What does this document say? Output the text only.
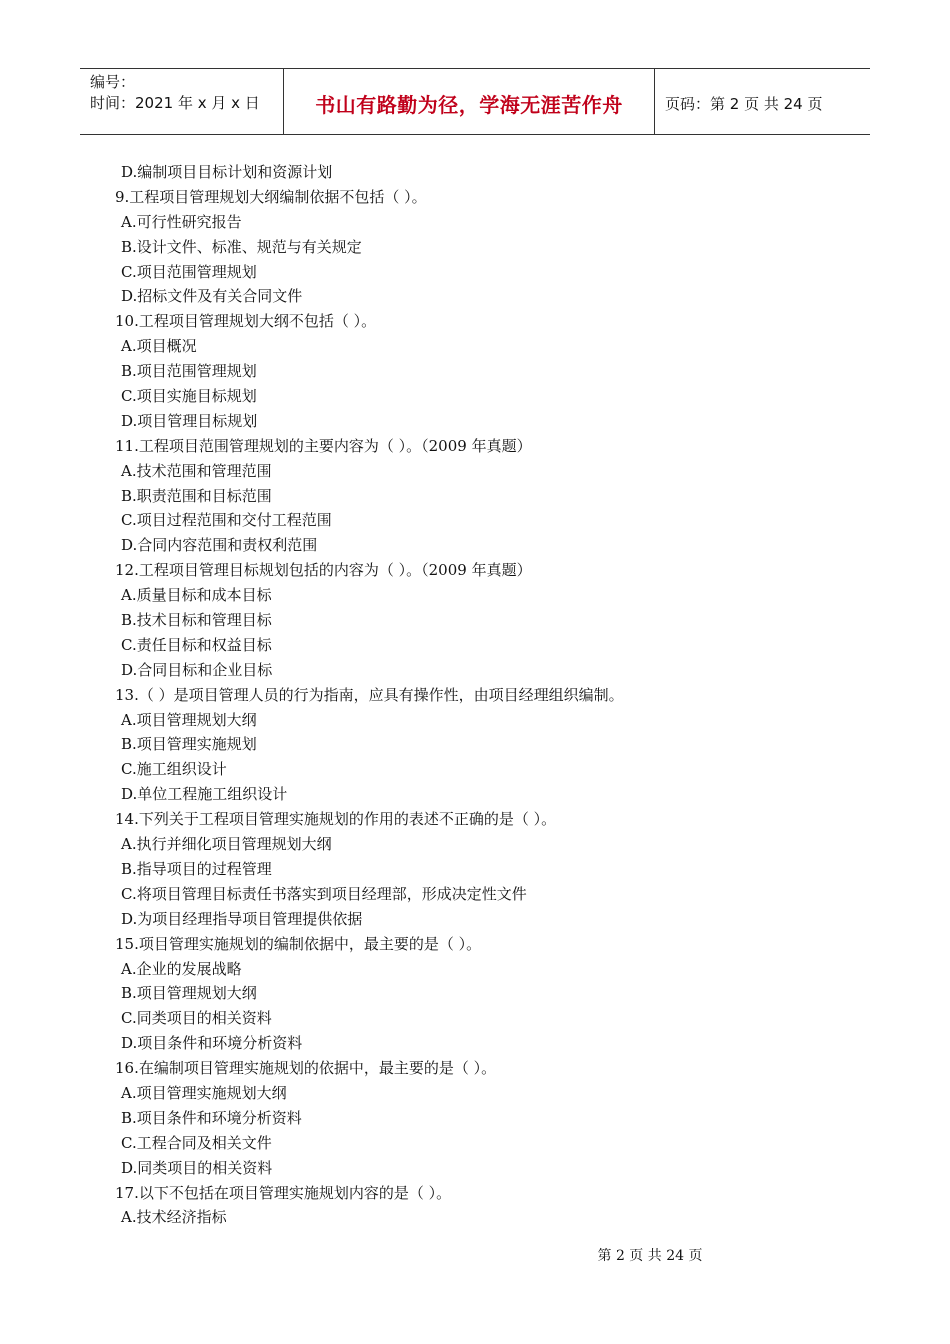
编号：
时间：2021 年 x 月 x 日	书山有路勤为径，学海无涯苦作舟	页码：第 2 页 共 24 页
D.编制项目目标计划和资源计划
9.工程项目管理规划大纲编制依据不包括（ ）。
A.可行性研究报告
B.设计文件、标准、规范与有关规定
C.项目范围管理规划
D.招标文件及有关合同文件
10.工程项目管理规划大纲不包括（ ）。
A.项目概况
B.项目范围管理规划
C.项目实施目标规划
D.项目管理目标规划
11.工程项目范围管理规划的主要内容为（ ）。（2009 年真题）
A.技术范围和管理范围
B.职责范围和目标范围
C.项目过程范围和交付工程范围
D.合同内容范围和责权利范围
12.工程项目管理目标规划包括的内容为（ ）。（2009 年真题）
A.质量目标和成本目标
B.技术目标和管理目标
C.责任目标和权益目标
D.合同目标和企业目标
13.（ ）是项目管理人员的行为指南，应具有操作性，由项目经理组织编制。
A.项目管理规划大纲
B.项目管理实施规划
C.施工组织设计
D.单位工程施工组织设计
14.下列关于工程项目管理实施规划的作用的表述不正确的是（ ）。
A.执行并细化项目管理规划大纲
B.指导项目的过程管理
C.将项目管理目标责任书落实到项目经理部，形成决定性文件
D.为项目经理指导项目管理提供依据
15.项目管理实施规划的编制依据中，最主要的是（ ）。
A.企业的发展战略
B.项目管理规划大纲
C.同类项目的相关资料
D.项目条件和环境分析资料
16.在编制项目管理实施规划的依据中，最主要的是（ ）。
A.项目管理实施规划大纲
B.项目条件和环境分析资料
C.工程合同及相关文件
D.同类项目的相关资料
17.以下不包括在项目管理实施规划内容的是（ ）。
A.技术经济指标
第 2 页 共 24 页
